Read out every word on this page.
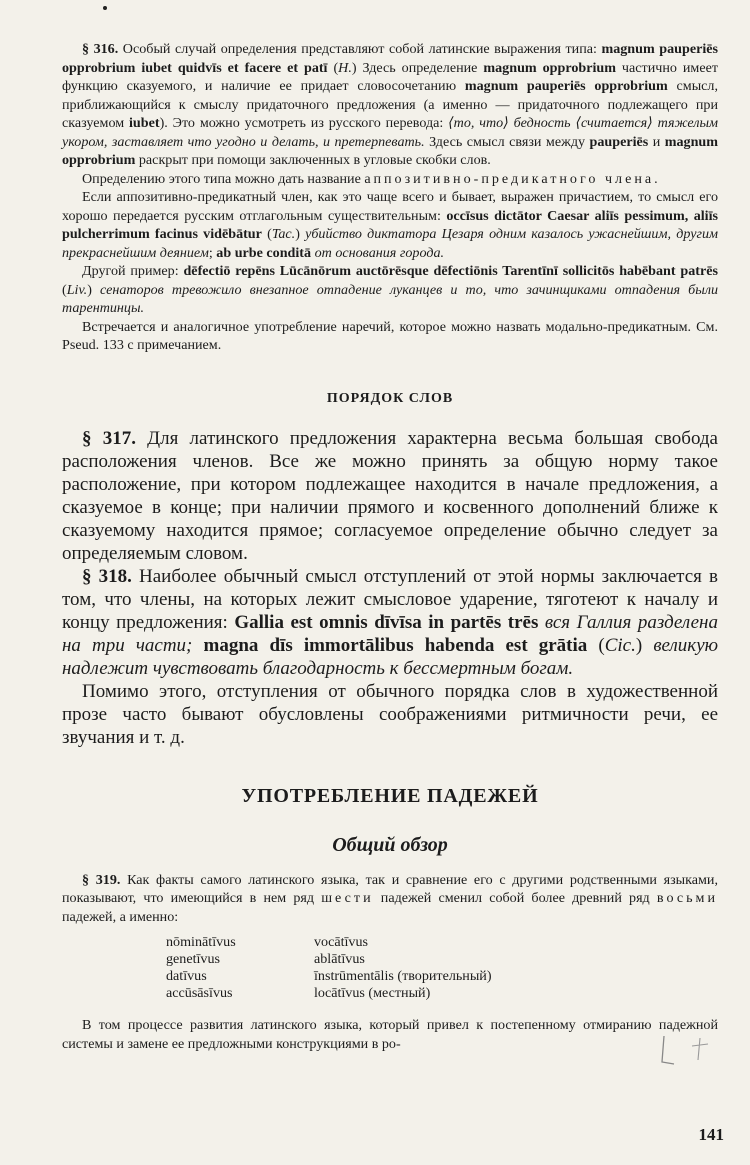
§ 316. Особый случай определения представляют собой латинские выражения типа: magnum pauperiēs opprobrium iubet quidvīs et facere et patī (H.) Здесь определение magnum opprobrium частично имеет функцию сказуемого, и наличие ее придает словосочетанию magnum pauperiēs opprobrium смысл, приближающийся к смыслу придаточного предложения (а именно — придаточного подлежащего при сказуемом iubet). Это можно усмотреть из русского перевода: ⟨то, что⟩ бедность ⟨считается⟩ тяжелым укором, заставляет что угодно и делать, и претерпевать. Здесь смысл связи между pauperiēs и magnum opprobrium раскрыт при помощи заключенных в угловые скобки слов.

Определению этого типа можно дать название аппозитивно-предикатного члена.

Если аппозитивно-предикатный член, как это чаще всего и бывает, выражен причастием, то смысл его хорошо передается русским отглагольным существительным: occīsus dictātor Caesar aliīs pessimum, aliīs pulcherrimum facinus vidēbātur (Tac.) убийство диктатора Цезаря одним казалось ужаснейшим, другим прекраснейшим деянием; ab urbe conditā от основания города.

Другой пример: dēfectiō repēns Lūcānōrum auctōrēsque dēfectiōnis Tarentīnī sollicitōs habēbant patrēs (Liv.) сенаторов тревожило внезапное отпадение луканцев и то, что зачинщиками отпадения были тарентинцы.

Встречается и аналогичное употребление наречий, которое можно назвать модально-предикатным. См. Pseud. 133 с примечанием.

ПОРЯДОК СЛОВ

§ 317. Для латинского предложения характерна весьма большая свобода расположения членов. Все же можно принять за общую норму такое расположение, при котором подлежащее находится в начале предложения, а сказуемое в конце; при наличии прямого и косвенного дополнений ближе к сказуемому находится прямое; согласуемое определение обычно следует за определяемым словом.

§ 318. Наиболее обычный смысл отступлений от этой нормы заключается в том, что члены, на которых лежит смысловое ударение, тяготеют к началу и концу предложения: Gallia est omnis dīvīsa in partēs trēs вся Галлия разделена на три части; magna dīs immortālibus habenda est grātia (Cic.) великую надлежит чувствовать благодарность к бессмертным богам.

Помимо этого, отступления от обычного порядка слов в художественной прозе часто бывают обусловлены соображениями ритмичности речи, ее звучания и т. д.

УПОТРЕБЛЕНИЕ ПАДЕЖЕЙ
Общий обзор

§ 319. Как факты самого латинского языка, так и сравнение его с другими родственными языками, показывают, что имеющийся в нем ряд шести падежей сменил собой более древний ряд восьми падежей, а именно:

nōminātīvus	vocātīvus
genetīvus	ablātīvus
datīvus	īnstrūmentālis (творительный)
accūsāsīvus	locātīvus (местный)

В том процессе развития латинского языка, который привел к постепенному отмиранию падежной системы и замене ее предложными конструкциями в ро-

141
